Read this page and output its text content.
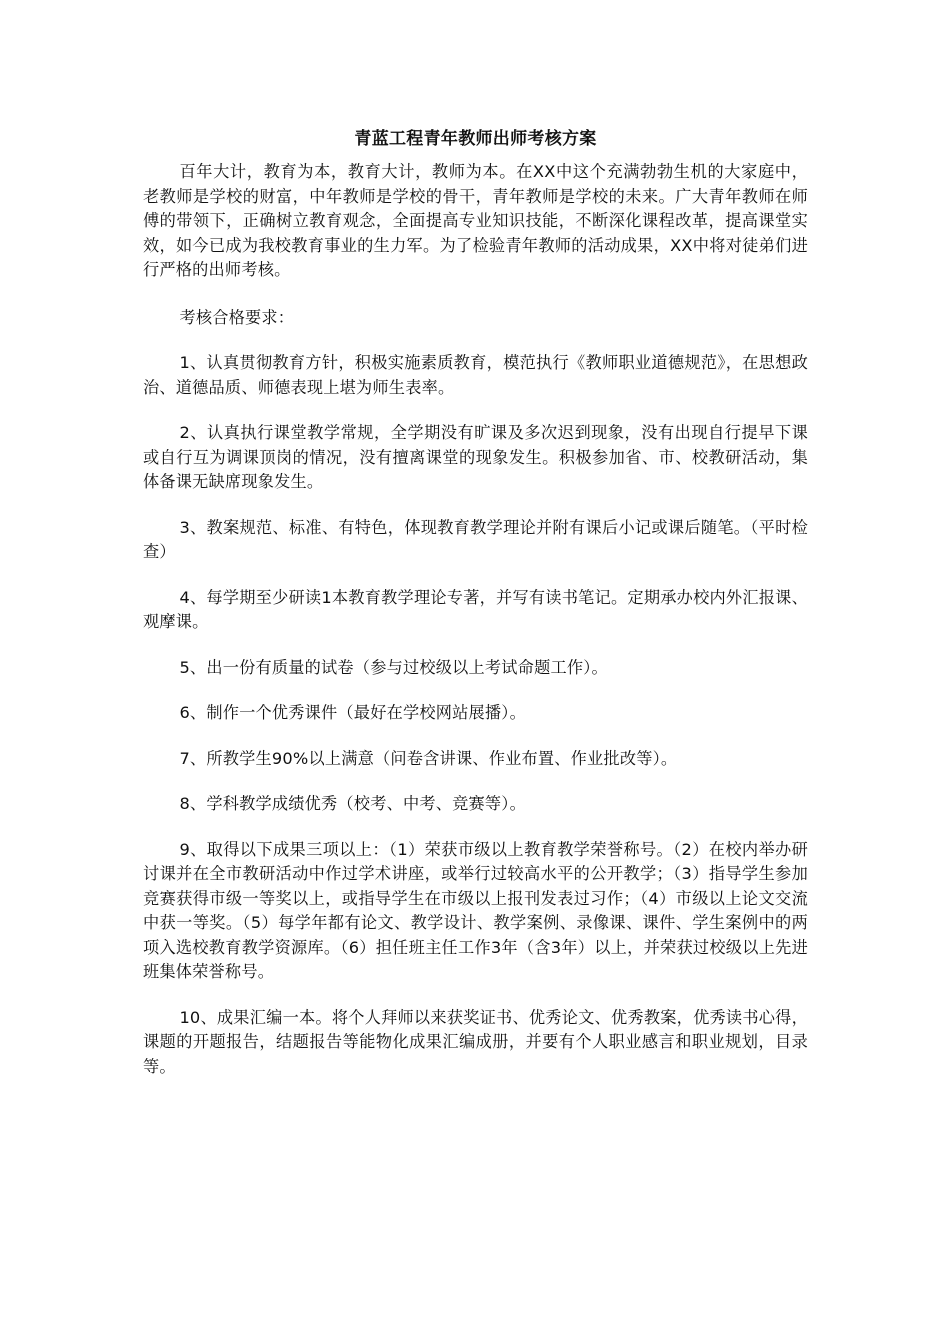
青蓝工程青年教师出师考核方案

百年大计，教育为本，教育大计，教师为本。在XX中这个充满勃勃生机的大家庭中，老教师是学校的财富，中年教师是学校的骨干，青年教师是学校的未来。广大青年教师在师傅的带领下，正确树立教育观念，全面提高专业知识技能，不断深化课程改革，提高课堂实效，如今已成为我校教育事业的生力军。为了检验青年教师的活动成果，XX中将对徒弟们进行严格的出师考核。

考核合格要求：

1、认真贯彻教育方针，积极实施素质教育，模范执行《教师职业道德规范》，在思想政治、道德品质、师德表现上堪为师生表率。

2、认真执行课堂教学常规，全学期没有旷课及多次迟到现象，没有出现自行提早下课或自行互为调课顶岗的情况，没有擅离课堂的现象发生。积极参加省、市、校教研活动，集体备课无缺席现象发生。

3、教案规范、标准、有特色，体现教育教学理论并附有课后小记或课后随笔。（平时检查）

4、每学期至少研读1本教育教学理论专著，并写有读书笔记。定期承办校内外汇报课、观摩课。

5、出一份有质量的试卷（参与过校级以上考试命题工作）。

6、制作一个优秀课件（最好在学校网站展播）。

7、所教学生90%以上满意（问卷含讲课、作业布置、作业批改等）。

8、学科教学成绩优秀（校考、中考、竞赛等）。

9、取得以下成果三项以上：（1）荣获市级以上教育教学荣誉称号。（2）在校内举办研讨课并在全市教研活动中作过学术讲座，或举行过较高水平的公开教学；（3）指导学生参加竞赛获得市级一等奖以上，或指导学生在市级以上报刊发表过习作；（4）市级以上论文交流中获一等奖。（5）每学年都有论文、教学设计、教学案例、录像课、课件、学生案例中的两项入选校教育教学资源库。（6）担任班主任工作3年（含3年）以上，并荣获过校级以上先进班集体荣誉称号。

10、成果汇编一本。将个人拜师以来获奖证书、优秀论文、优秀教案，优秀读书心得，课题的开题报告，结题报告等能物化成果汇编成册，并要有个人职业感言和职业规划，目录等。
